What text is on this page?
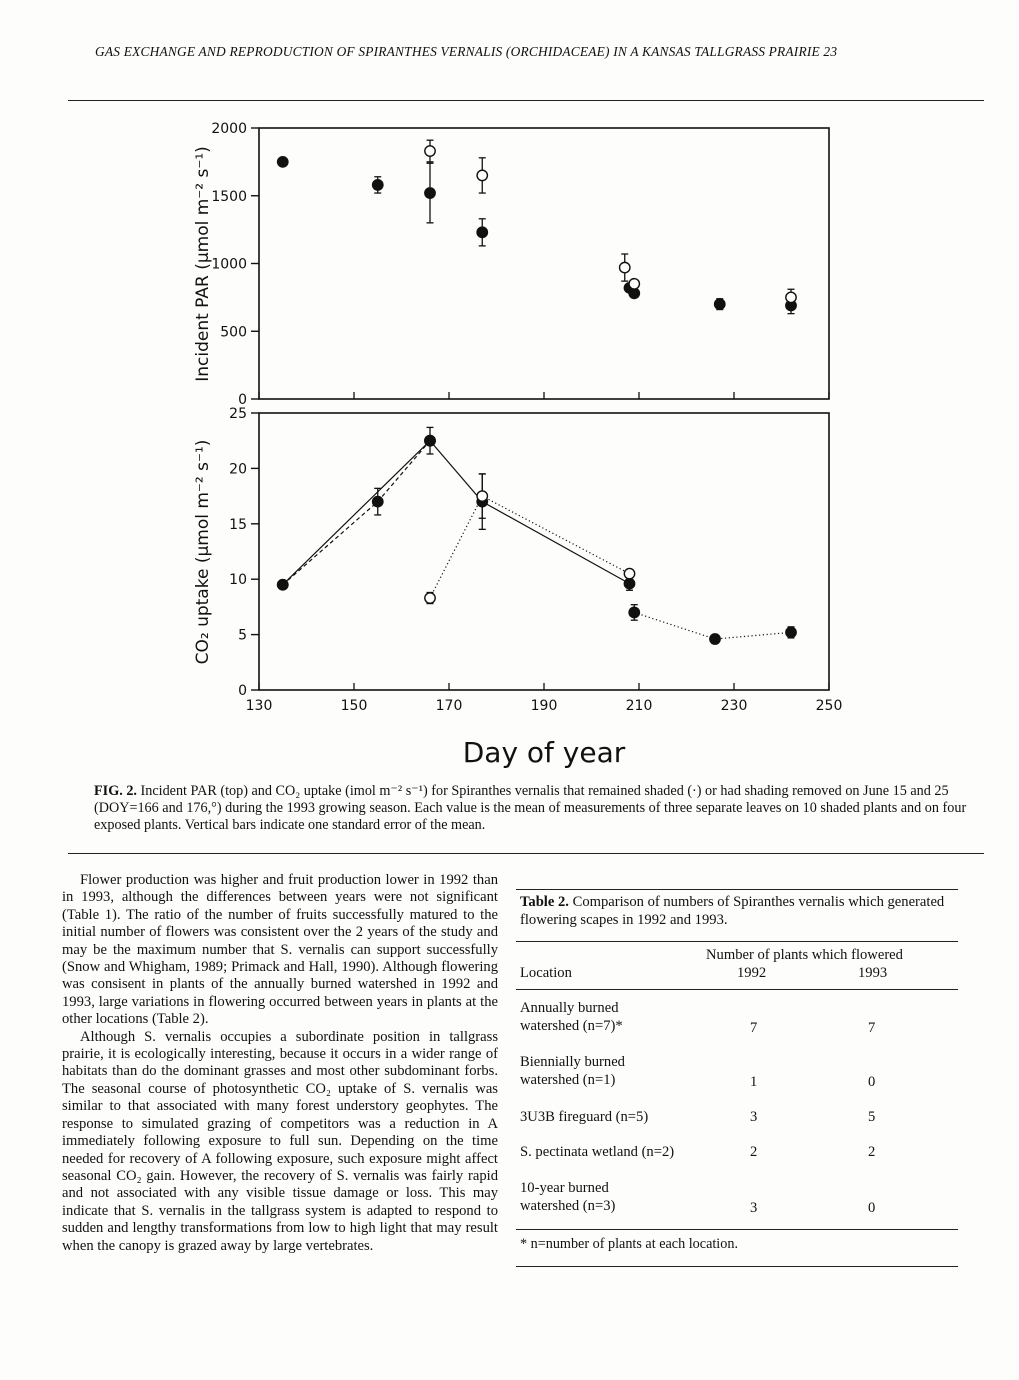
GAS EXCHANGE AND REPRODUCTION OF SPIRANTHES VERNALIS (ORCHIDACEAE) IN A KANSAS TALLGRASS PRAIRIE 23
0
500
1000
1500
2000
Incident PAR (μmol m⁻² s⁻¹)
0
5
10
15
20
25
130	150	170	190	210	230	250
CO₂ uptake (μmol m⁻² s⁻¹)
Day of year
FIG. 2. Incident PAR (top) and CO₂ uptake (imol m⁻² s⁻¹) for Spiranthes vernalis that remained shaded (·) or had shading removed on June 15 and 25 (DOY=166 and 176,°) during the 1993 growing season. Each value is the mean of measurements of three separate leaves on 10 shaded plants and on four exposed plants. Vertical bars indicate one standard error of the mean.

Flower production was higher and fruit production lower in 1992 than in 1993, although the differences between years were not significant (Table 1). The ratio of the number of fruits successfully matured to the initial number of flowers was consistent over the 2 years of the study and may be the maximum number that S. vernalis can support successfully (Snow and Whigham, 1989; Primack and Hall, 1990). Although flowering was consisent in plants of the annually burned watershed in 1992 and 1993, large variations in flowering occurred between years in plants at the other locations (Table 2).

Although S. vernalis occupies a subordinate position in tallgrass prairie, it is ecologically interesting, because it occurs in a wider range of habitats than do the dominant grasses and most other subdominant forbs. The seasonal course of photosynthetic CO₂ uptake of S. vernalis was similar to that associated with many forest understory geophytes. The response to simulated grazing of competitors was a reduction in A immediately following exposure to full sun. Depending on the time needed for recovery of A following exposure, such exposure might affect seasonal CO₂ gain. However, the recovery of S. vernalis was fairly rapid and not associated with any visible tissue damage or loss. This may indicate that S. vernalis in the tallgrass system is adapted to respond to sudden and lengthy transformations from low to high light that may result when the canopy is grazed away by large vertebrates.

Table 2. Comparison of numbers of Spiranthes vernalis which generated flowering scapes in 1992 and 1993.
Number of plants which flowered
Location	1992	1993
Annually burned
watershed (n=7)*	7	7
Biennially burned
watershed (n=1)	1	0
3U3B fireguard (n=5)	3	5
S. pectinata wetland (n=2)	2	2
10-year burned
watershed (n=3)	3	0
* n=number of plants at each location.
